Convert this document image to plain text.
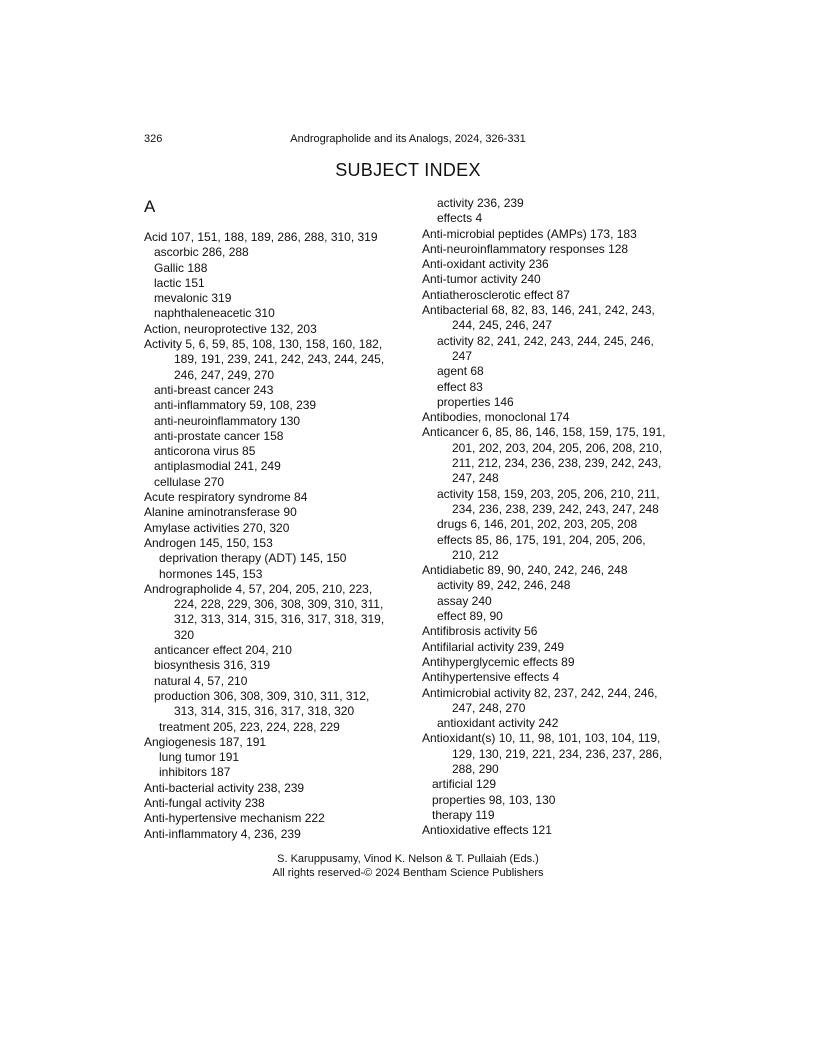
326	Andrographolide and its Analogs, 2024, 326-331
SUBJECT INDEX
A
Acid 107, 151, 188, 189, 286, 288, 310, 319
ascorbic 286, 288
Gallic 188
lactic 151
mevalonic 319
naphthaleneacetic 310
Action, neuroprotective 132, 203
Activity 5, 6, 59, 85, 108, 130, 158, 160, 182,
189, 191, 239, 241, 242, 243, 244, 245,
246, 247, 249, 270
anti-breast cancer 243
anti-inflammatory 59, 108, 239
anti-neuroinflammatory 130
anti-prostate cancer 158
anticorona virus 85
antiplasmodial 241, 249
cellulase 270
Acute respiratory syndrome 84
Alanine aminotransferase 90
Amylase activities 270, 320
Androgen 145, 150, 153
deprivation therapy (ADT) 145, 150
hormones 145, 153
Andrographolide 4, 57, 204, 205, 210, 223,
224, 228, 229, 306, 308, 309, 310, 311,
312, 313, 314, 315, 316, 317, 318, 319,
320
anticancer effect 204, 210
biosynthesis 316, 319
natural 4, 57, 210
production 306, 308, 309, 310, 311, 312,
313, 314, 315, 316, 317, 318, 320
treatment 205, 223, 224, 228, 229
Angiogenesis 187, 191
lung tumor 191
inhibitors 187
Anti-bacterial activity 238, 239
Anti-fungal activity 238
Anti-hypertensive mechanism 222
Anti-inflammatory 4, 236, 239
activity 236, 239
effects 4
Anti-microbial peptides (AMPs) 173, 183
Anti-neuroinflammatory responses 128
Anti-oxidant activity 236
Anti-tumor activity 240
Antiatherosclerotic effect 87
Antibacterial 68, 82, 83, 146, 241, 242, 243,
244, 245, 246, 247
activity 82, 241, 242, 243, 244, 245, 246,
247
agent 68
effect 83
properties 146
Antibodies, monoclonal 174
Anticancer 6, 85, 86, 146, 158, 159, 175, 191,
201, 202, 203, 204, 205, 206, 208, 210,
211, 212, 234, 236, 238, 239, 242, 243,
247, 248
activity 158, 159, 203, 205, 206, 210, 211,
234, 236, 238, 239, 242, 243, 247, 248
drugs 6, 146, 201, 202, 203, 205, 208
effects 85, 86, 175, 191, 204, 205, 206,
210, 212
Antidiabetic 89, 90, 240, 242, 246, 248
activity 89, 242, 246, 248
assay 240
effect 89, 90
Antifibrosis activity 56
Antifilarial activity 239, 249
Antihyperglycemic effects 89
Antihypertensive effects 4
Antimicrobial activity 82, 237, 242, 244, 246,
247, 248, 270
antioxidant activity 242
Antioxidant(s) 10, 11, 98, 101, 103, 104, 119,
129, 130, 219, 221, 234, 236, 237, 286,
288, 290
artificial 129
properties 98, 103, 130
therapy 119
Antioxidative effects 121
S. Karuppusamy, Vinod K. Nelson & T. Pullaiah (Eds.)
All rights reserved-© 2024 Bentham Science Publishers
